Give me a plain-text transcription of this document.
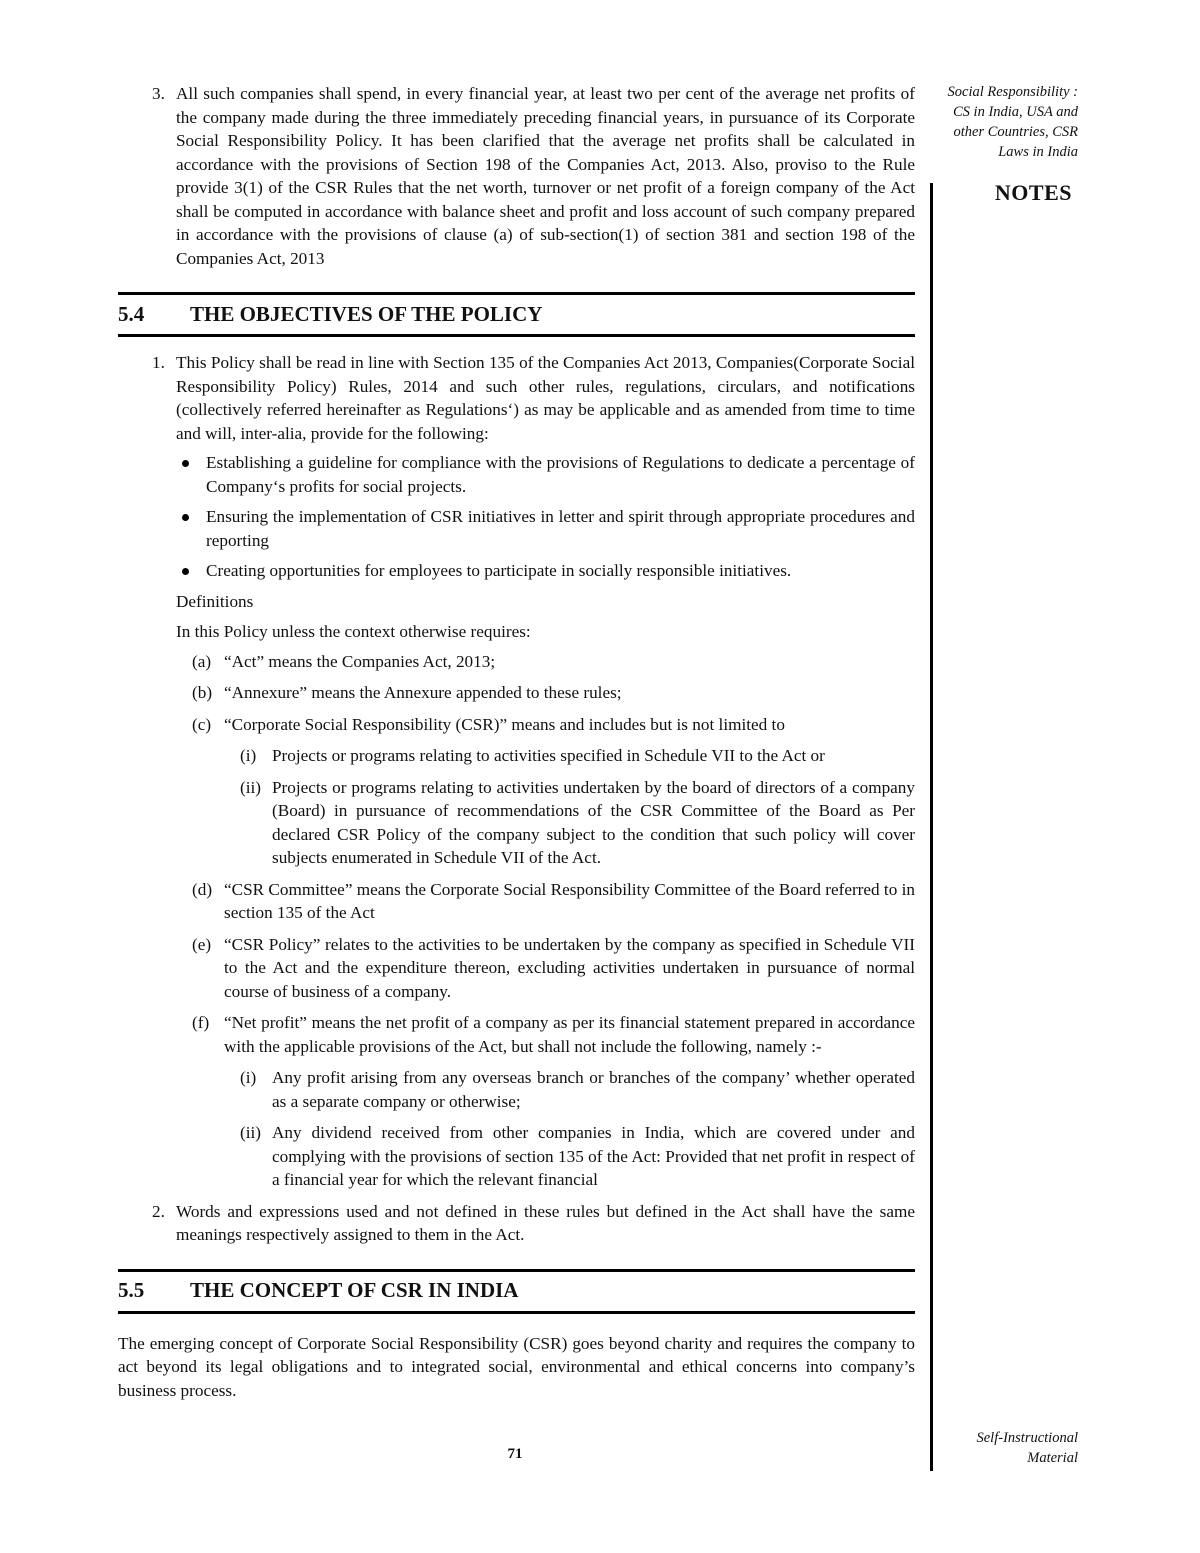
3. All such companies shall spend, in every financial year, at least two per cent of the average net profits of the company made during the three immediately preceding financial years, in pursuance of its Corporate Social Responsibility Policy. It has been clarified that the average net profits shall be calculated in accordance with the provisions of Section 198 of the Companies Act, 2013. Also, proviso to the Rule provide 3(1) of the CSR Rules that the net worth, turnover or net profit of a foreign company of the Act shall be computed in accordance with balance sheet and profit and loss account of such company prepared in accordance with the provisions of clause (a) of sub-section(1) of section 381 and section 198 of the Companies Act, 2013
5.4	THE OBJECTIVES OF THE POLICY
1. This Policy shall be read in line with Section 135 of the Companies Act 2013, Companies(Corporate Social Responsibility Policy) Rules, 2014 and such other rules, regulations, circulars, and notifications (collectively referred hereinafter as Regulations‘) as may be applicable and as amended from time to time and will, inter-alia, provide for the following:
Establishing a guideline for compliance with the provisions of Regulations to dedicate a percentage of Company‘s profits for social projects.
Ensuring the implementation of CSR initiatives in letter and spirit through appropriate procedures and reporting
Creating opportunities for employees to participate in socially responsible initiatives.
Definitions
In this Policy unless the context otherwise requires:
(a) “Act” means the Companies Act, 2013;
(b) “Annexure” means the Annexure appended to these rules;
(c) “Corporate Social Responsibility (CSR)” means and includes but is not limited to
(i) Projects or programs relating to activities specified in Schedule VII to the Act or
(ii) Projects or programs relating to activities undertaken by the board of directors of a company (Board) in pursuance of recommendations of the CSR Committee of the Board as Per declared CSR Policy of the company subject to the condition that such policy will cover subjects enumerated in Schedule VII of the Act.
(d) “CSR Committee” means the Corporate Social Responsibility Committee of the Board referred to in section 135 of the Act
(e) “CSR Policy” relates to the activities to be undertaken by the company as specified in Schedule VII to the Act and the expenditure thereon, excluding activities undertaken in pursuance of normal course of business of a company.
(f) “Net profit” means the net profit of a company as per its financial statement prepared in accordance with the applicable provisions of the Act, but shall not include the following, namely :-
(i) Any profit arising from any overseas branch or branches of the company’ whether operated as a separate company or otherwise;
(ii) Any dividend received from other companies in India, which are covered under and complying with the provisions of section 135 of the Act: Provided that net profit in respect of a financial year for which the relevant financial
2. Words and expressions used and not defined in these rules but defined in the Act shall have the same meanings respectively assigned to them in the Act.
5.5	THE CONCEPT OF CSR IN INDIA
The emerging concept of Corporate Social Responsibility (CSR) goes beyond charity and requires the company to act beyond its legal obligations and to integrated social, environmental and ethical concerns into company’s business process.
Social Responsibility : CS in India, USA and other Countries, CSR Laws in India
NOTES
Self-Instructional Material
71
